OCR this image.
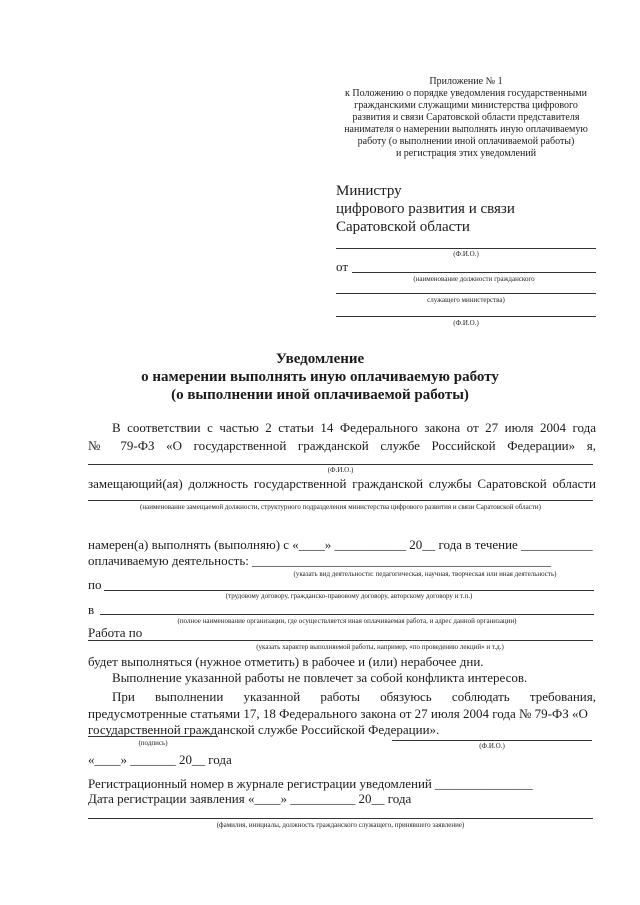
Приложение № 1
к Положению о порядке уведомления государственными
гражданскими служащими министерства цифрового
развития и связи Саратовской области представителя
нанимателя о намерении выполнять иную оплачиваемую
работу (о выполнении иной оплачиваемой работы)
и регистрация этих уведомлений
Министру
цифрового развития и связи
Саратовской области
(Ф.И.О.)
от
(наименование должности гражданского
служащего министерства)
(Ф.И.О.)
Уведомление
о намерении выполнять иную оплачиваемую работу
(о выполнении иной оплачиваемой работы)
В соответствии с частью 2 статьи 14 Федерального закона от 27 июля 2004 года
№ 79-ФЗ «О государственной гражданской службе Российской Федерации» я,
(Ф.И.О.)
замещающий(ая) должность государственной гражданской службы Саратовской области
(наименование замещаемой должности, структурного подразделения министерства цифрового развития и связи Саратовской области)
намерен(а) выполнять (выполняю) с «____» ___________ 20__ года в течение ___________
оплачиваемую деятельность: ______________________________________________
(указать вид деятельности: педагогическая, научная, творческая или иная деятельность)
по
(трудовому договору, гражданско-правовому договору, авторскому договору и т.п.)
в
(полное наименование организации, где осуществляется иная оплачиваемая работа, и адрес данной организации)
Работа по
(указать характер выполняемой работы, например, «по проведению лекций» и т.д.)
будет выполняться (нужное отметить) в рабочее и (или) нерабочее дни.
Выполнение указанной работы не повлечет за собой конфликта интересов.
При выполнении указанной работы обязуюсь соблюдать требования,
предусмотренные статьями 17, 18 Федерального закона от 27 июля 2004 года № 79-ФЗ «О
государственной гражданской службе Российской Федерации».
(подпись)	(Ф.И.О.)
«____» _______ 20__ года
Регистрационный номер в журнале регистрации уведомлений _______________
Дата регистрации заявления «____» __________ 20__ года
(фамилия, инициалы, должность гражданского служащего, принявшего заявление)
